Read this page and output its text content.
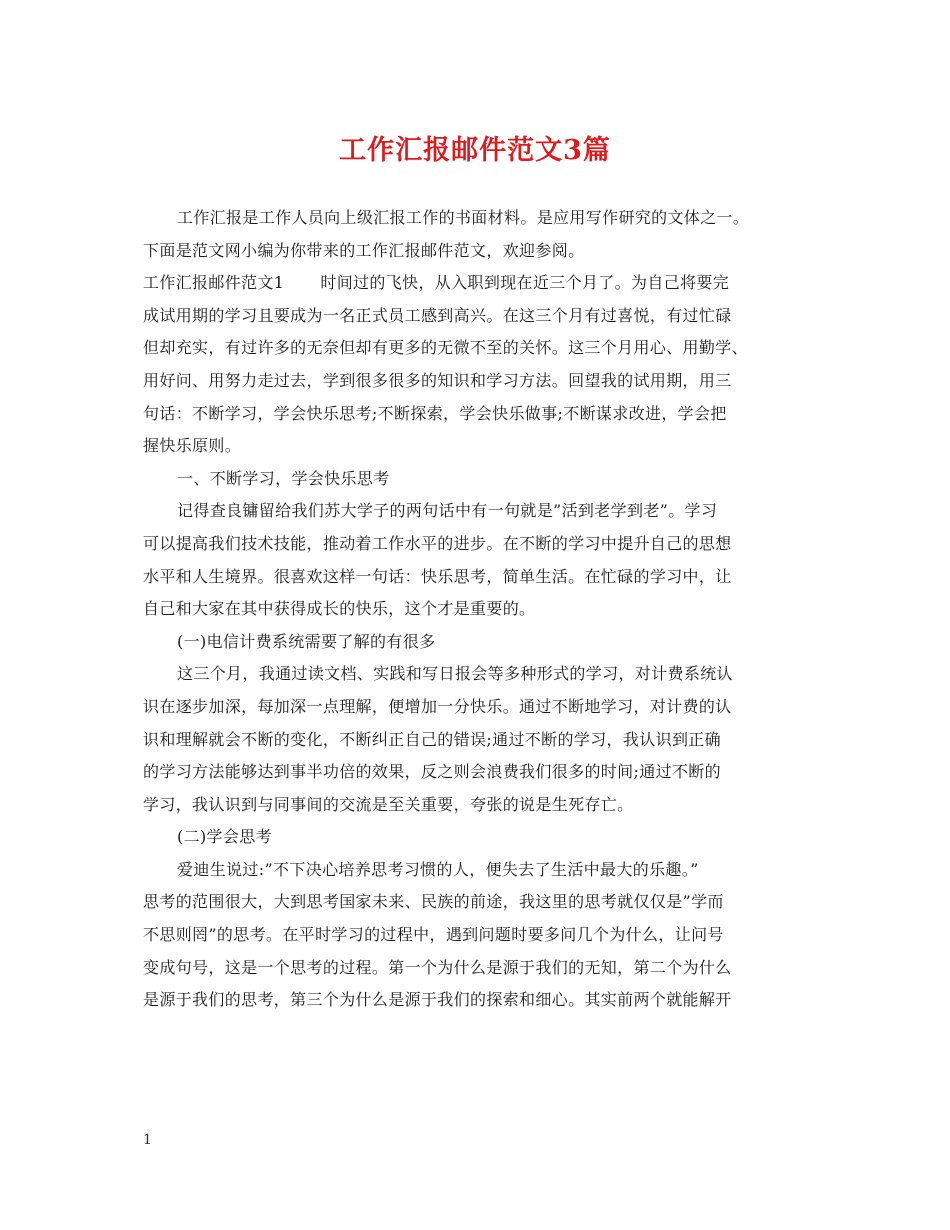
工作汇报邮件范文3篇
工作汇报是工作人员向上级汇报工作的书面材料。是应用写作研究的文体之一。
下面是范文网小编为你带来的工作汇报邮件范文，欢迎参阅。
工作汇报邮件范文1 时间过的飞快，从入职到现在近三个月了。为自己将要完
成试用期的学习且要成为一名正式员工感到高兴。在这三个月有过喜悦，有过忙碌
但却充实，有过许多的无奈但却有更多的无微不至的关怀。这三个月用心、用勤学、
用好问、用努力走过去，学到很多很多的知识和学习方法。回望我的试用期，用三
句话：不断学习，学会快乐思考;不断探索，学会快乐做事;不断谋求改进，学会把
握快乐原则。
一、不断学习，学会快乐思考
记得查良镛留给我们苏大学子的两句话中有一句就是”活到老学到老”。学习
可以提高我们技术技能，推动着工作水平的进步。在不断的学习中提升自己的思想
水平和人生境界。很喜欢这样一句话：快乐思考，简单生活。在忙碌的学习中，让
自己和大家在其中获得成长的快乐，这个才是重要的。
(一)电信计费系统需要了解的有很多
这三个月，我通过读文档、实践和写日报会等多种形式的学习，对计费系统认
识在逐步加深，每加深一点理解，便增加一分快乐。通过不断地学习，对计费的认
识和理解就会不断的变化，不断纠正自己的错误;通过不断的学习，我认识到正确
的学习方法能够达到事半功倍的效果，反之则会浪费我们很多的时间;通过不断的
学习，我认识到与同事间的交流是至关重要，夸张的说是生死存亡。
(二)学会思考
爱迪生说过:”不下决心培养思考习惯的人，便失去了生活中最大的乐趣。”
思考的范围很大，大到思考国家未来、民族的前途，我这里的思考就仅仅是”学而
不思则罔”的思考。在平时学习的过程中，遇到问题时要多问几个为什么，让问号
变成句号，这是一个思考的过程。第一个为什么是源于我们的无知，第二个为什么
是源于我们的思考，第三个为什么是源于我们的探索和细心。其实前两个就能解开
1
